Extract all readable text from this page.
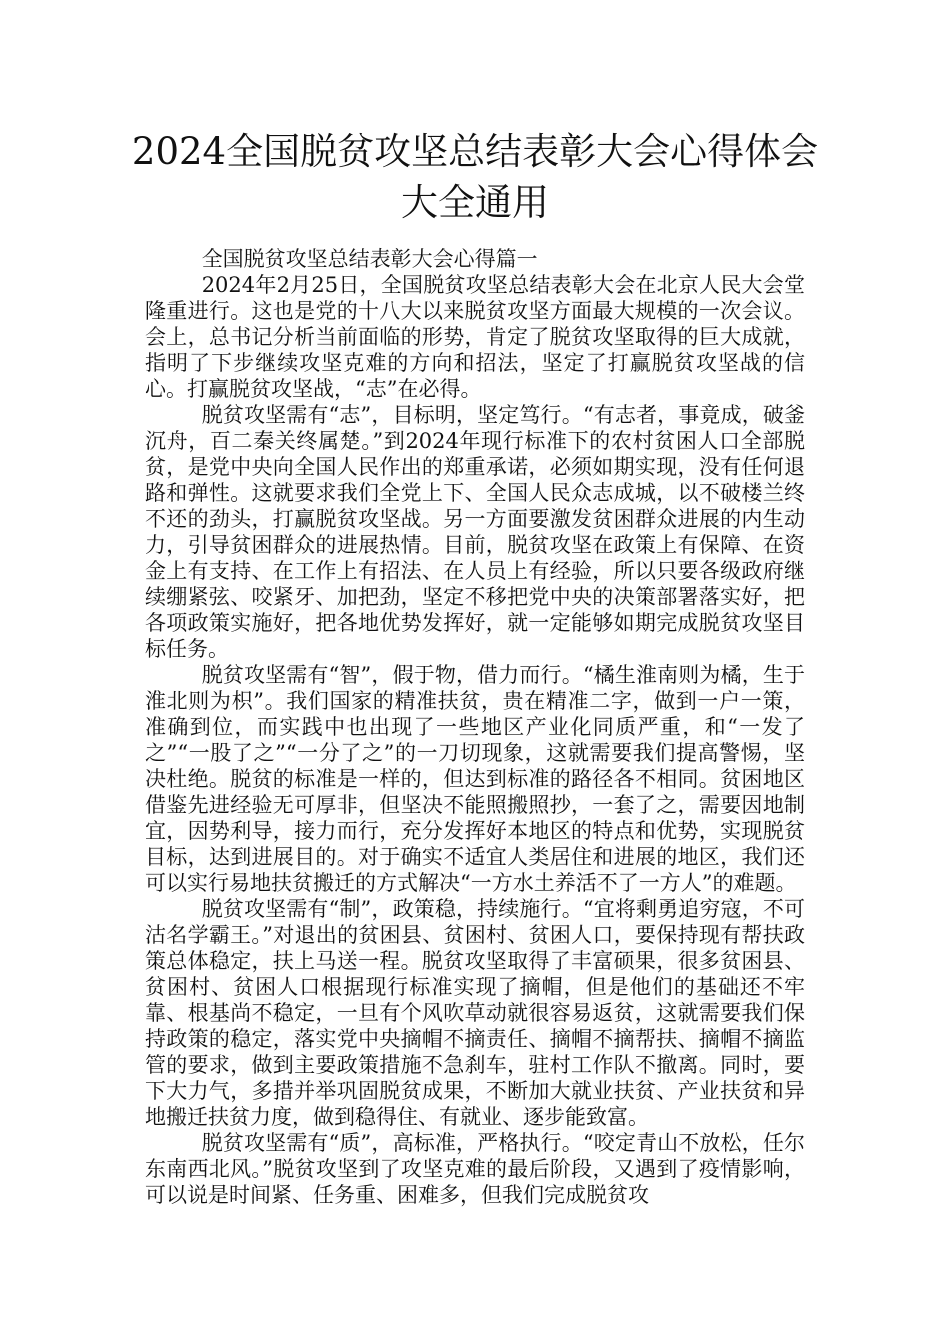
2024全国脱贫攻坚总结表彰大会心得体会
大全通用

全国脱贫攻坚总结表彰大会心得篇一

2024年2月25日，全国脱贫攻坚总结表彰大会在北京人民大会堂隆重进行。这也是党的十八大以来脱贫攻坚方面最大规模的一次会议。会上，总书记分析当前面临的形势，肯定了脱贫攻坚取得的巨大成就，指明了下步继续攻坚克难的方向和招法，坚定了打赢脱贫攻坚战的信心。打赢脱贫攻坚战，“志”在必得。

脱贫攻坚需有“志”，目标明，坚定笃行。“有志者，事竟成，破釜沉舟，百二秦关终属楚。”到2024年现行标准下的农村贫困人口全部脱贫，是党中央向全国人民作出的郑重承诺，必须如期实现，没有任何退路和弹性。这就要求我们全党上下、全国人民众志成城，以不破楼兰终不还的劲头，打赢脱贫攻坚战。另一方面要激发贫困群众进展的内生动力，引导贫困群众的进展热情。目前，脱贫攻坚在政策上有保障、在资金上有支持、在工作上有招法、在人员上有经验，所以只要各级政府继续绷紧弦、咬紧牙、加把劲，坚定不移把党中央的决策部署落实好，把各项政策实施好，把各地优势发挥好，就一定能够如期完成脱贫攻坚目标任务。

脱贫攻坚需有“智”，假于物，借力而行。“橘生淮南则为橘，生于淮北则为枳”。我们国家的精准扶贫，贵在精准二字，做到一户一策，准确到位，而实践中也出现了一些地区产业化同质严重，和“一发了之”“一股了之”“一分了之”的一刀切现象，这就需要我们提高警惕，坚决杜绝。脱贫的标准是一样的，但达到标准的路径各不相同。贫困地区借鉴先进经验无可厚非，但坚决不能照搬照抄，一套了之，需要因地制宜，因势利导，接力而行，充分发挥好本地区的特点和优势，实现脱贫目标，达到进展目的。对于确实不适宜人类居住和进展的地区，我们还可以实行易地扶贫搬迁的方式解决“一方水土养活不了一方人”的难题。

脱贫攻坚需有“制”，政策稳，持续施行。“宜将剩勇追穷寇，不可沽名学霸王。”对退出的贫困县、贫困村、贫困人口，要保持现有帮扶政策总体稳定，扶上马送一程。脱贫攻坚取得了丰富硕果，很多贫困县、贫困村、贫困人口根据现行标准实现了摘帽，但是他们的基础还不牢靠、根基尚不稳定，一旦有个风吹草动就很容易返贫，这就需要我们保持政策的稳定，落实党中央摘帽不摘责任、摘帽不摘帮扶、摘帽不摘监管的要求，做到主要政策措施不急刹车，驻村工作队不撤离。同时，要下大力气，多措并举巩固脱贫成果，不断加大就业扶贫、产业扶贫和异地搬迁扶贫力度，做到稳得住、有就业、逐步能致富。

脱贫攻坚需有“质”，高标准，严格执行。“咬定青山不放松，任尔东南西北风。”脱贫攻坚到了攻坚克难的最后阶段，又遇到了疫情影响，可以说是时间紧、任务重、困难多，但我们完成脱贫攻
